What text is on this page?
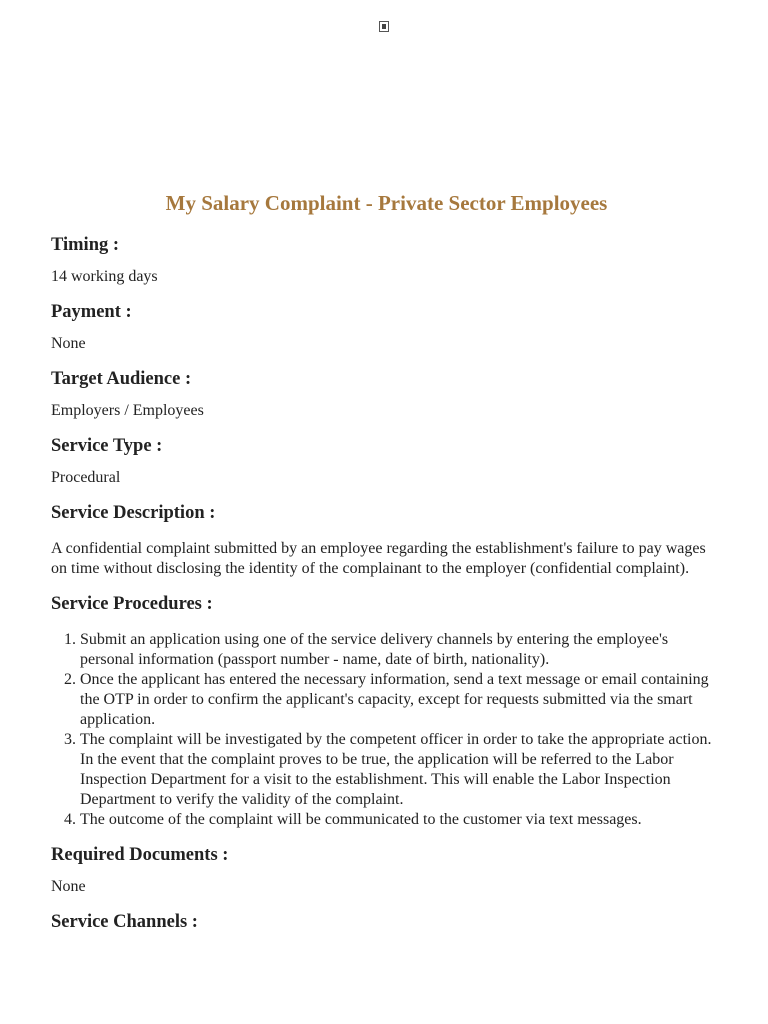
My Salary Complaint - Private Sector Employees
Timing :

14 working days

Payment :

None

Target Audience :

Employers / Employees

Service Type :

Procedural

Service Description :

A confidential complaint submitted by an employee regarding the establishment's failure to pay wages on time without disclosing the identity of the complainant to the employer (confidential complaint).

Service Procedures :
1. Submit an application using one of the service delivery channels by entering the employee's personal information (passport number - name, date of birth, nationality).
2. Once the applicant has entered the necessary information, send a text message or email containing the OTP in order to confirm the applicant's capacity, except for requests submitted via the smart application.
3. The complaint will be investigated by the competent officer in order to take the appropriate action. In the event that the complaint proves to be true, the application will be referred to the Labor Inspection Department for a visit to the establishment. This will enable the Labor Inspection Department to verify the validity of the complaint.
4. The outcome of the complaint will be communicated to the customer via text messages.
Required Documents :

None

Service Channels :
